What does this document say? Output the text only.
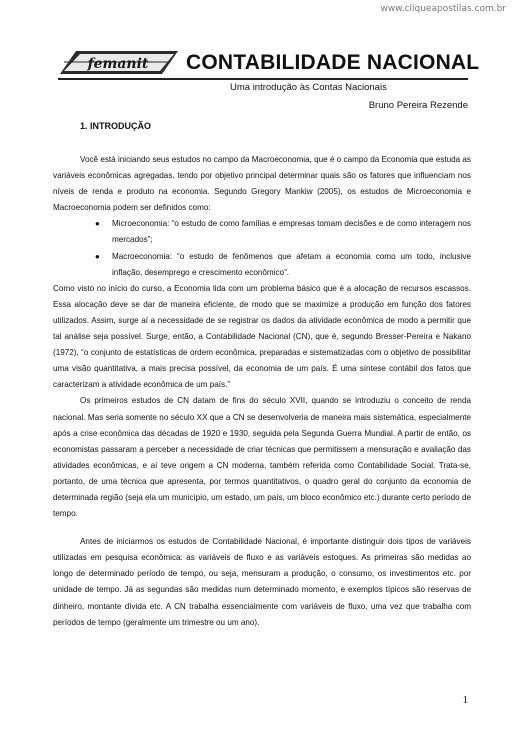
www.cliqueapostilas.com.br
femanit CONTABILIDADE NACIONAL
Uma introdução às Contas Nacionais
Bruno Pereira Rezende
1. INTRODUÇÃO

Você está iniciando seus estudos no campo da Macroeconomia, que é o campo da Economia que estuda as variáveis econômicas agregadas, tendo por objetivo principal determinar quais são os fatores que influenciam nos níveis de renda e produto na economia. Segundo Gregory Mankiw (2005), os estudos de Microeconomia e Macroeconomia podem ser definidos como:

● Microeconomia: “o estudo de como famílias e empresas tomam decisões e de como interagem nos mercados”;
● Macroeconomia: “o estudo de fenômenos que afetam a economia como um todo, inclusive inflação, desemprego e crescimento econômico”.

Como visto no início do curso, a Economia lida com um problema básico que é a alocação de recursos escassos. Essa alocação deve se dar de maneira eficiente, de modo que se maximize a produção em função dos fatores utilizados. Assim, surge aí a necessidade de se registrar os dados da atividade econômica de modo a permitir que tal análise seja possível. Surge, então, a Contabilidade Nacional (CN), que é, segundo Bresser-Pereira e Nakano (1972), “o conjunto de estatísticas de ordem econômica, preparadas e sistematizadas com o objetivo de possibilitar uma visão quantitativa, a mais precisa possível, da economia de um país. É uma síntese contábil dos fatos que caracterizam a atividade econômica de um país.”

Os primeiros estudos de CN datam de fins do século XVII, quando se introduziu o conceito de renda nacional. Mas seria somente no século XX que a CN se desenvolveria de maneira mais sistemática, especialmente após a crise econômica das décadas de 1920 e 1930, seguida pela Segunda Guerra Mundial. A partir de então, os economistas passaram a perceber a necessidade de criar técnicas que permitissem a mensuração e avaliação das atividades econômicas, e aí teve origem a CN moderna, também referida como Contabilidade Social. Trata-se, portanto, de uma técnica que apresenta, por termos quantitativos, o quadro geral do conjunto da economia de determinada região (seja ela um município, um estado, um país, um bloco econômico etc.) durante certo período de tempo.

Antes de iniciarmos os estudos de Contabilidade Nacional, é importante distinguir dois tipos de variáveis utilizadas em pesquisa econômica: as variáveis de fluxo e as variáveis estoques. As primeiras são medidas ao longo de determinado período de tempo, ou seja, mensuram a produção, o consumo, os investimentos etc. por unidade de tempo. Já as segundas são medidas num determinado momento, e exemplos típicos são reservas de dinheiro, montante dívida etc. A CN trabalha essencialmente com variáveis de fluxo, uma vez que trabalha com períodos de tempo (geralmente um trimestre ou um ano).

1
